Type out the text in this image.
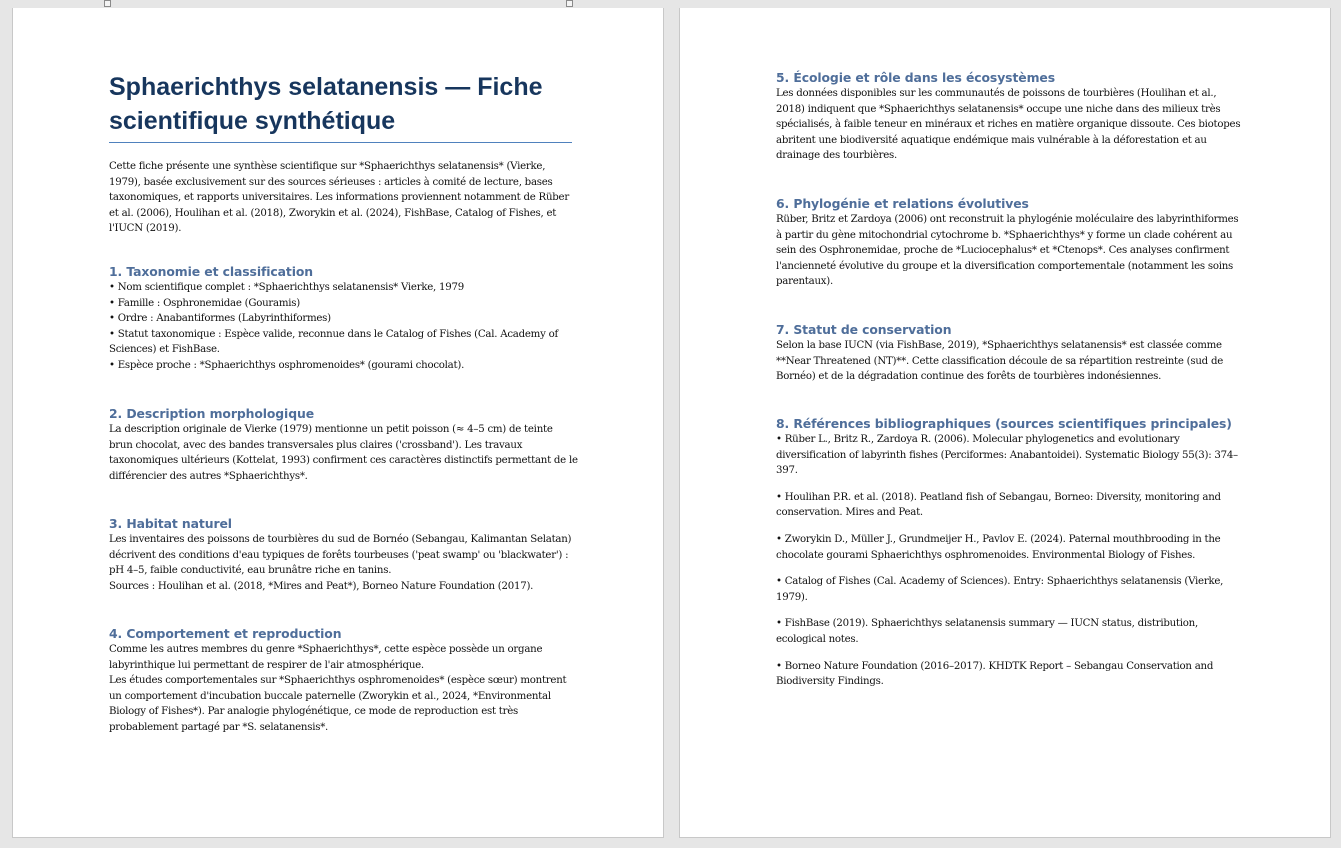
Sphaerichthys selatanensis — Fiche scientifique synthétique

Cette fiche présente une synthèse scientifique sur *Sphaerichthys selatanensis* (Vierke, 1979), basée exclusivement sur des sources sérieuses : articles à comité de lecture, bases taxonomiques, et rapports universitaires. Les informations proviennent notamment de Rüber et al. (2006), Houlihan et al. (2018), Zworykin et al. (2024), FishBase, Catalog of Fishes, et l'IUCN (2019).

1. Taxonomie et classification

• Nom scientifique complet : *Sphaerichthys selatanensis* Vierke, 1979

• Famille : Osphronemidae (Gouramis)

• Ordre : Anabantiformes (Labyrinthiformes)

• Statut taxonomique : Espèce valide, reconnue dans le Catalog of Fishes (Cal. Academy of Sciences) et FishBase.

• Espèce proche : *Sphaerichthys osphromenoides* (gourami chocolat).

2. Description morphologique

La description originale de Vierke (1979) mentionne un petit poisson (≈ 4–5 cm) de teinte brun chocolat, avec des bandes transversales plus claires ('crossband'). Les travaux taxonomiques ultérieurs (Kottelat, 1993) confirment ces caractères distinctifs permettant de le différencier des autres *Sphaerichthys*.

3. Habitat naturel

Les inventaires des poissons de tourbières du sud de Bornéo (Sebangau, Kalimantan Selatan) décrivent des conditions d'eau typiques de forêts tourbeuses ('peat swamp' ou 'blackwater') : pH 4–5, faible conductivité, eau brunâtre riche en tanins.

Sources : Houlihan et al. (2018, *Mires and Peat*), Borneo Nature Foundation (2017).

4. Comportement et reproduction

Comme les autres membres du genre *Sphaerichthys*, cette espèce possède un organe labyrinthique lui permettant de respirer de l'air atmosphérique.

Les études comportementales sur *Sphaerichthys osphromenoides* (espèce sœur) montrent un comportement d'incubation buccale paternelle (Zworykin et al., 2024, *Environmental Biology of Fishes*). Par analogie phylogénétique, ce mode de reproduction est très probablement partagé par *S. selatanensis*.

5. Écologie et rôle dans les écosystèmes

Les données disponibles sur les communautés de poissons de tourbières (Houlihan et al., 2018) indiquent que *Sphaerichthys selatanensis* occupe une niche dans des milieux très spécialisés, à faible teneur en minéraux et riches en matière organique dissoute. Ces biotopes abritent une biodiversité aquatique endémique mais vulnérable à la déforestation et au drainage des tourbières.

6. Phylogénie et relations évolutives

Rüber, Britz et Zardoya (2006) ont reconstruit la phylogénie moléculaire des labyrinthiformes à partir du gène mitochondrial cytochrome b. *Sphaerichthys* y forme un clade cohérent au sein des Osphronemidae, proche de *Luciocephalus* et *Ctenops*. Ces analyses confirment l'ancienneté évolutive du groupe et la diversification comportementale (notamment les soins parentaux).

7. Statut de conservation

Selon la base IUCN (via FishBase, 2019), *Sphaerichthys selatanensis* est classée comme **Near Threatened (NT)**. Cette classification découle de sa répartition restreinte (sud de Bornéo) et de la dégradation continue des forêts de tourbières indonésiennes.

8. Références bibliographiques (sources scientifiques principales)

• Rüber L., Britz R., Zardoya R. (2006). Molecular phylogenetics and evolutionary diversification of labyrinth fishes (Perciformes: Anabantoidei). Systematic Biology 55(3): 374–397.

• Houlihan P.R. et al. (2018). Peatland fish of Sebangau, Borneo: Diversity, monitoring and conservation. Mires and Peat.

• Zworykin D., Müller J., Grundmeijer H., Pavlov E. (2024). Paternal mouthbrooding in the chocolate gourami Sphaerichthys osphromenoides. Environmental Biology of Fishes.

• Catalog of Fishes (Cal. Academy of Sciences). Entry: Sphaerichthys selatanensis (Vierke, 1979).

• FishBase (2019). Sphaerichthys selatanensis summary — IUCN status, distribution, ecological notes.

• Borneo Nature Foundation (2016–2017). KHDTK Report – Sebangau Conservation and Biodiversity Findings.
